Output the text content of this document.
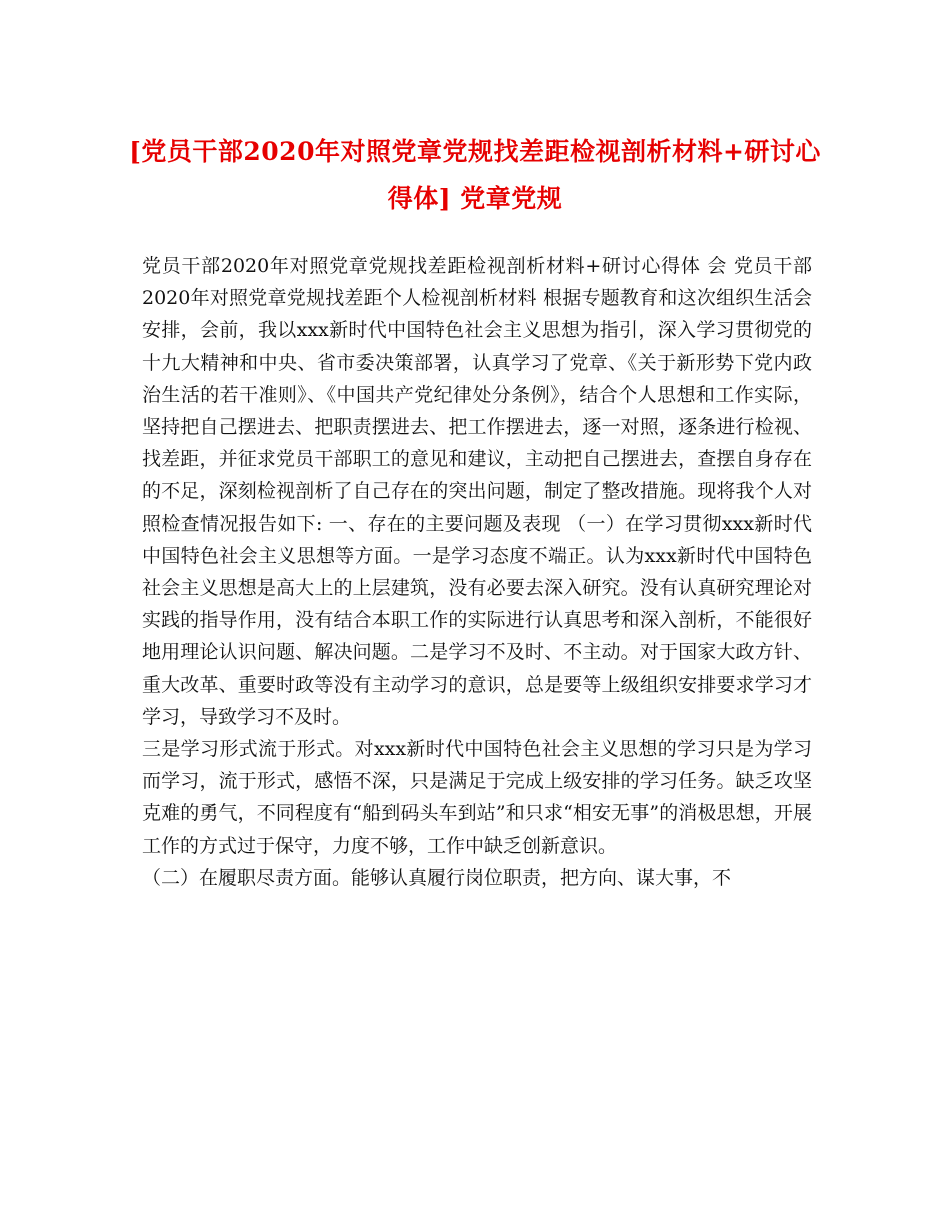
[党员干部2020年对照党章党规找差距检视剖析材料+研讨心得体] 党章党规

党员干部2020年对照党章党规找差距检视剖析材料+研讨心得体 会 党员干部2020年对照党章党规找差距个人检视剖析材料 根据专题教育和这次组织生活会安排，会前，我以xxx新时代中国特色社会主义思想为指引，深入学习贯彻党的十九大精神和中央、省市委决策部署，认真学习了党章、《关于新形势下党内政治生活的若干准则》、《中国共产党纪律处分条例》，结合个人思想和工作实际，坚持把自己摆进去、把职责摆进去、把工作摆进去，逐一对照，逐条进行检视、找差距，并征求党员干部职工的意见和建议，主动把自己摆进去，查摆自身存在的不足，深刻检视剖析了自己存在的突出问题，制定了整改措施。现将我个人对照检查情况报告如下: 一、存在的主要问题及表现 （一）在学习贯彻xxx新时代中国特色社会主义思想等方面。一是学习态度不端正。认为xxx新时代中国特色社会主义思想是高大上的上层建筑，没有必要去深入研究。没有认真研究理论对实践的指导作用，没有结合本职工作的实际进行认真思考和深入剖析，不能很好地用理论认识问题、解决问题。二是学习不及时、不主动。对于国家大政方针、重大改革、重要时政等没有主动学习的意识，总是要等上级组织安排要求学习才学习，导致学习不及时。

三是学习形式流于形式。对xxx新时代中国特色社会主义思想的学习只是为学习而学习，流于形式，感悟不深，只是满足于完成上级安排的学习任务。缺乏攻坚克难的勇气，不同程度有“船到码头车到站”和只求“相安无事”的消极思想，开展工作的方式过于保守，力度不够，工作中缺乏创新意识。

（二）在履职尽责方面。能够认真履行岗位职责，把方向、谋大事，不
